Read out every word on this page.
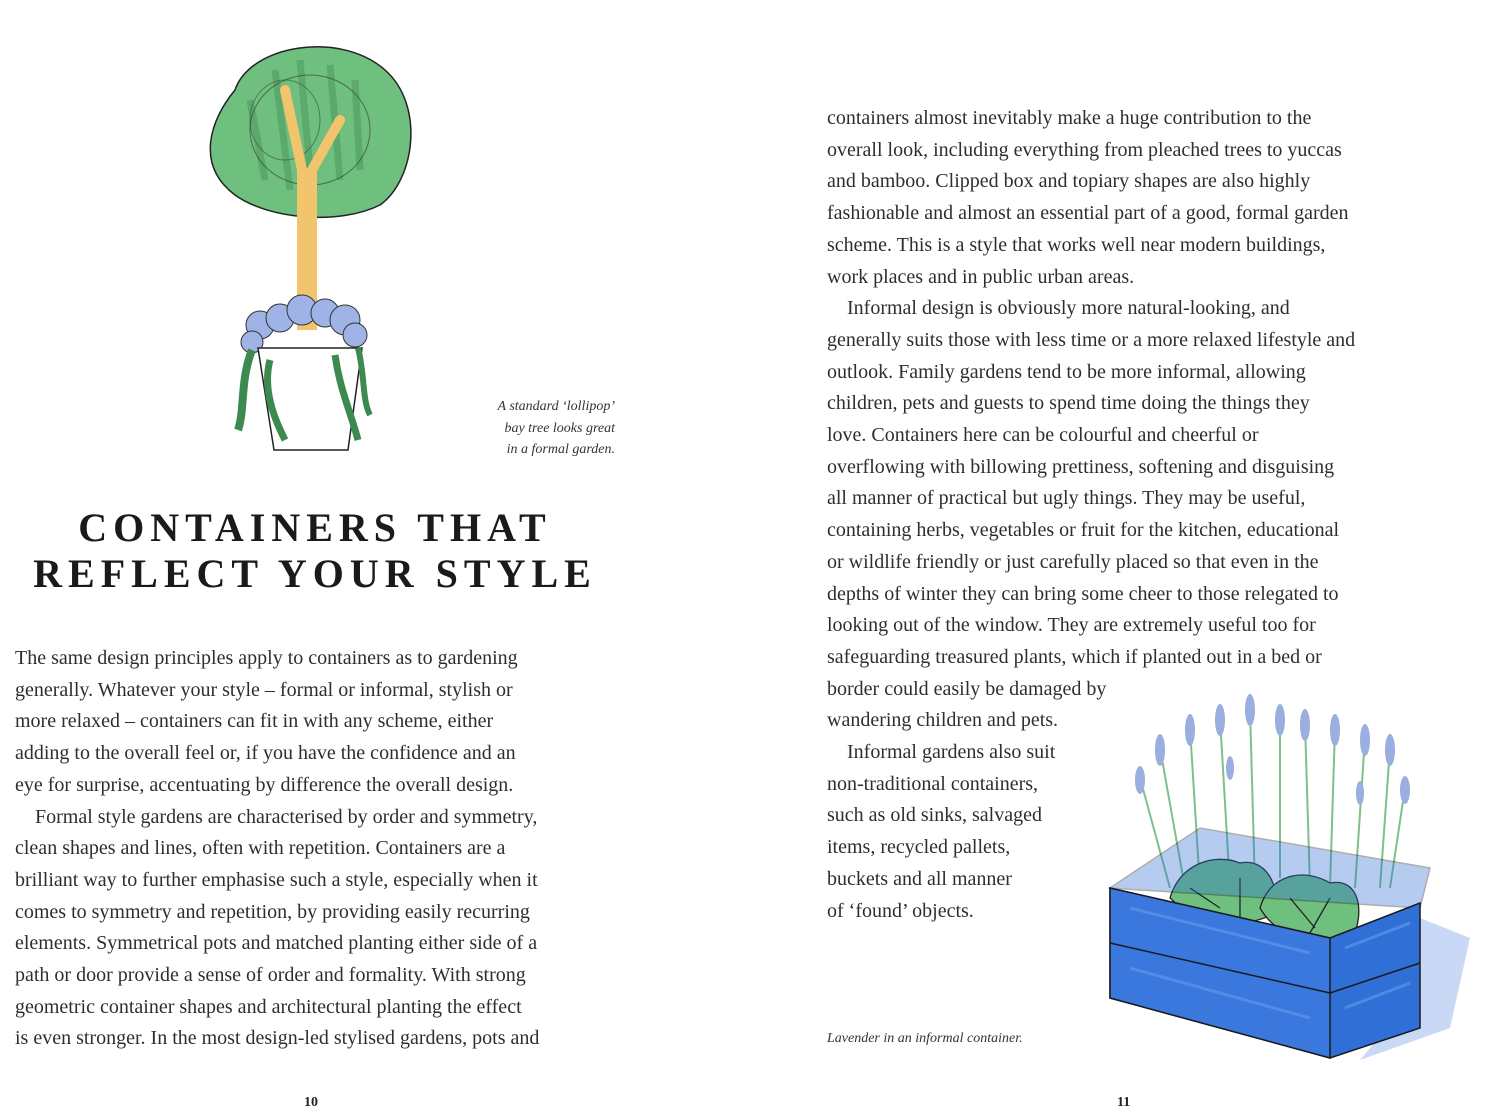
A standard ‘lollipop’
bay tree looks great
in a formal garden.
CONTAINERS THAT
REFLECT YOUR STYLE
The same design principles apply to containers as to gardening
generally. Whatever your style – formal or informal, stylish or
more relaxed – containers can fit in with any scheme, either
adding to the overall feel or, if you have the confidence and an
eye for surprise, accentuating by difference the overall design.
Formal style gardens are characterised by order and symmetry,
clean shapes and lines, often with repetition. Containers are a
brilliant way to further emphasise such a style, especially when it
comes to symmetry and repetition, by providing easily recurring
elements. Symmetrical pots and matched planting either side of a
path or door provide a sense of order and formality. With strong
geometric container shapes and architectural planting the effect
is even stronger. In the most design-led stylised gardens, pots and
10
containers almost inevitably make a huge contribution to the
overall look, including everything from pleached trees to yuccas
and bamboo. Clipped box and topiary shapes are also highly
fashionable and almost an essential part of a good, formal garden
scheme. This is a style that works well near modern buildings,
work places and in public urban areas.
Informal design is obviously more natural-looking, and
generally suits those with less time or a more relaxed lifestyle and
outlook. Family gardens tend to be more informal, allowing
children, pets and guests to spend time doing the things they
love. Containers here can be colourful and cheerful or
overflowing with billowing prettiness, softening and disguising
all manner of practical but ugly things. They may be useful,
containing herbs, vegetables or fruit for the kitchen, educational
or wildlife friendly or just carefully placed so that even in the
depths of winter they can bring some cheer to those relegated to
looking out of the window. They are extremely useful too for
safeguarding treasured plants, which if planted out in a bed or
border could easily be damaged by
wandering children and pets.
Informal gardens also suit
non-traditional containers,
such as old sinks, salvaged
items, recycled pallets,
buckets and all manner
of ‘found’ objects.
Lavender in an informal container.
11
